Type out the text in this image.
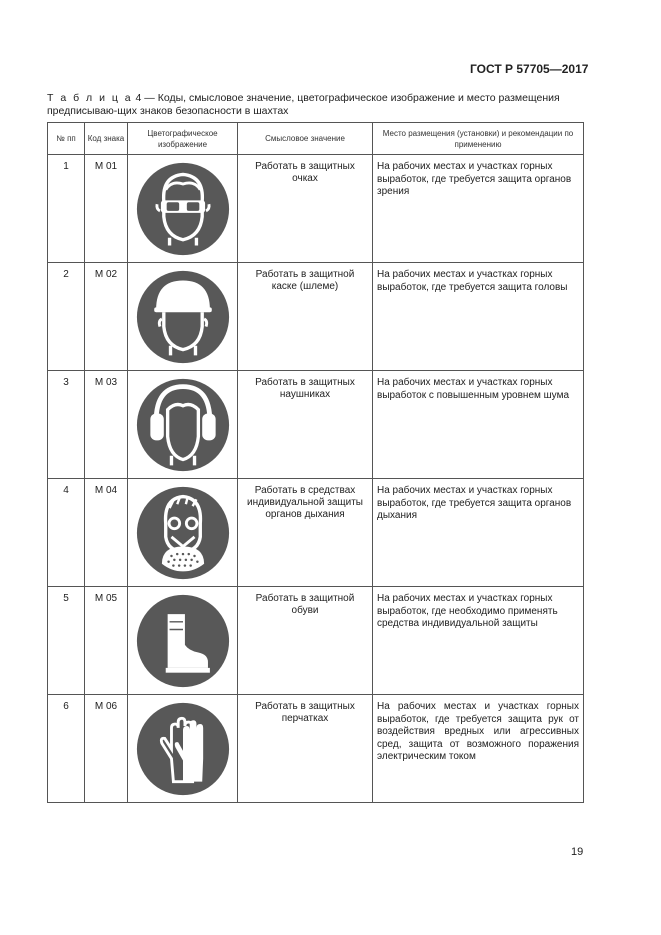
ГОСТ Р 57705—2017
Т а б л и ц а 4 — Коды, смысловое значение, цветографическое изображение и место размещения предписываю-щих знаков безопасности в шахтах
№ пп	Код знака	Цветографическое изображение	Смысловое значение	Место размещения (установки) и рекомендации по применению
1	М 01		Работать в защитных очках	На рабочих местах и участках горных выработок, где требуется защита органов зрения
2	М 02		Работать в защитной каске (шлеме)	На рабочих местах и участках горных выработок, где требуется защита головы
3	М 03		Работать в защитных наушниках	На рабочих местах и участках горных выработок с повышенным уровнем шума
4	М 04		Работать в средствах индивидуальной защиты органов дыхания	На рабочих местах и участках горных выработок, где требуется защита органов дыхания
5	М 05		Работать в защитной обуви	На рабочих местах и участках горных выработок, где необходимо применять средства индивидуальной защиты
6	М 06		Работать в защитных перчатках	На рабочих местах и участках горных выработок, где требуется защита рук от воздействия вредных или агрессивных сред, защита от возможного поражения электрическим током
19
